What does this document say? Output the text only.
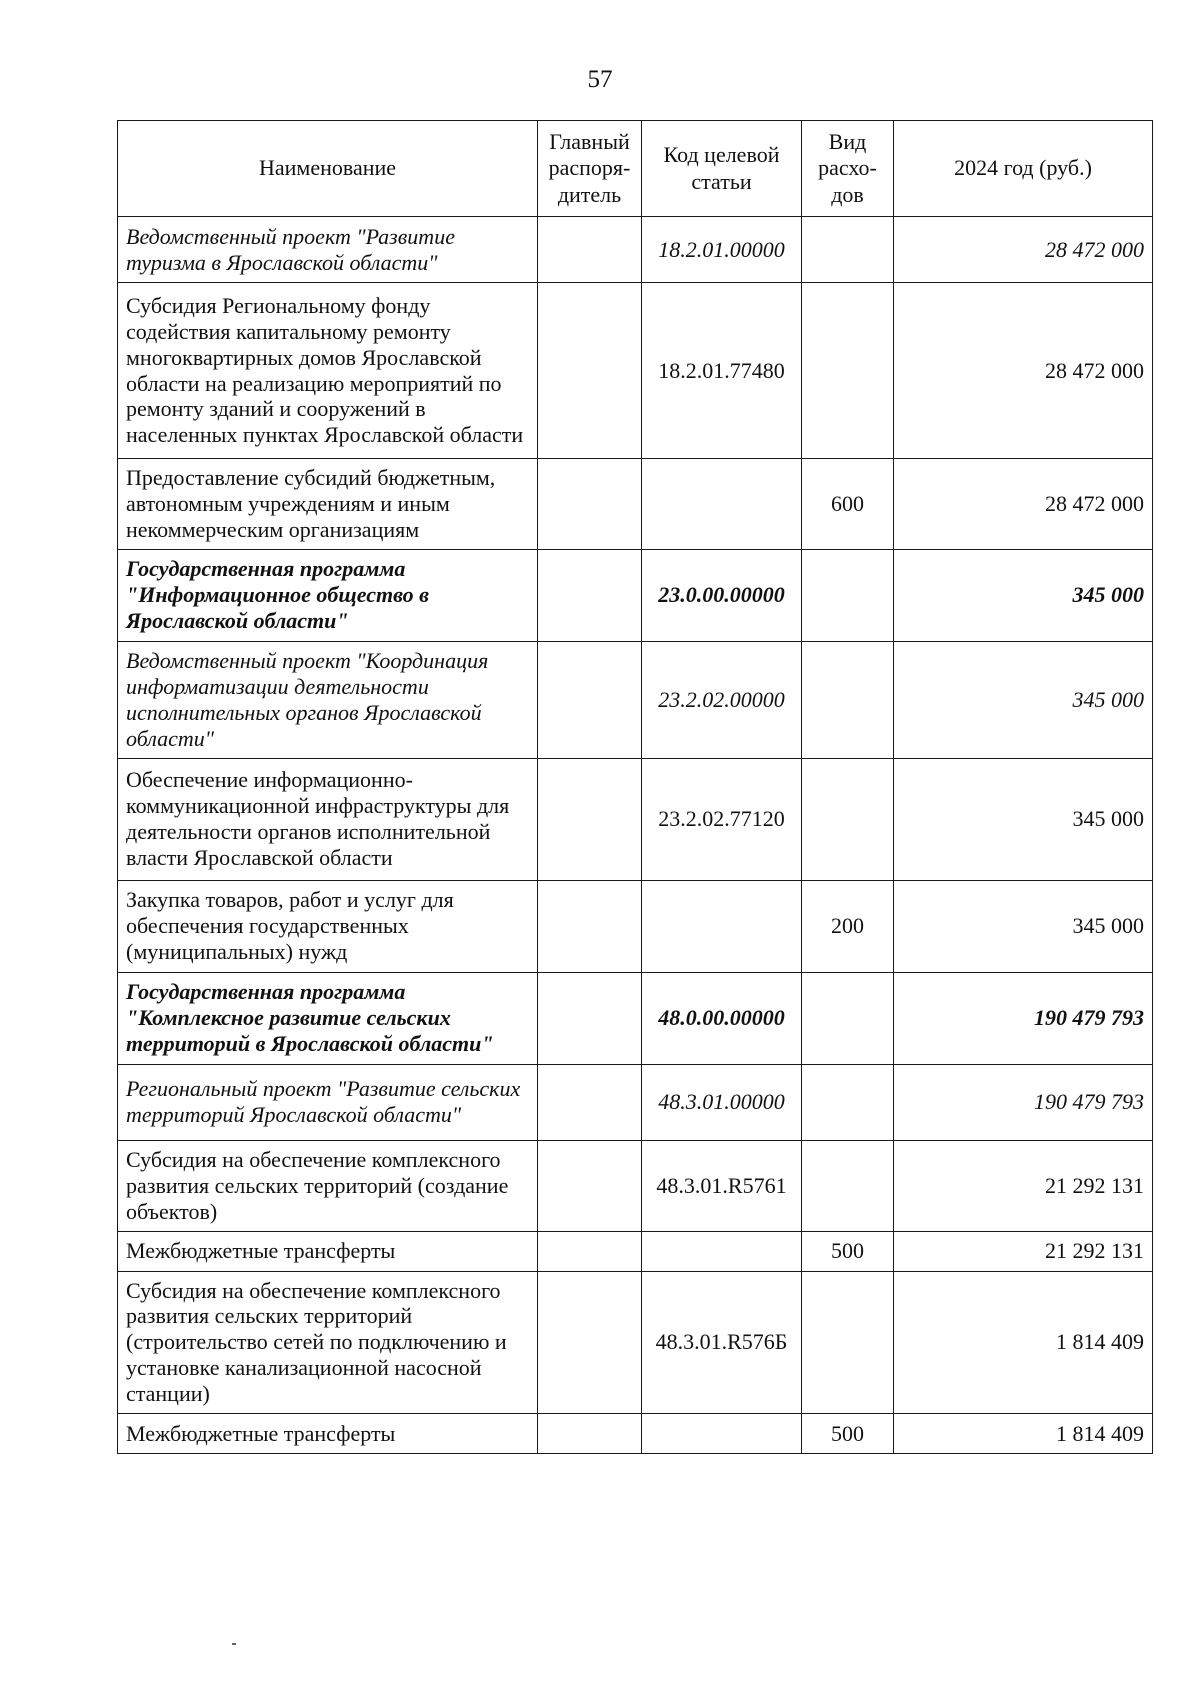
57
Наименование	Главный распоря-дитель	Код целевой статьи	Вид расхо-дов	2024 год (руб.)
Ведомственный проект "Развитие туризма в Ярославской области"		18.2.01.00000		28 472 000
Субсидия Региональному фонду содействия капитальному ремонту многоквартирных домов Ярославской области на реализацию мероприятий по ремонту зданий и сооружений в населенных пунктах Ярославской области		18.2.01.77480		28 472 000
Предоставление субсидий бюджетным, автономным учреждениям и иным некоммерческим организациям			600	28 472 000
Государственная программа "Информационное общество в Ярославской области"		23.0.00.00000		345 000
Ведомственный проект "Координация информатизации деятельности исполнительных органов Ярославской области"		23.2.02.00000		345 000
Обеспечение информационно-коммуникационной инфраструктуры для деятельности органов исполнительной власти Ярославской области		23.2.02.77120		345 000
Закупка товаров, работ и услуг для обеспечения государственных (муниципальных) нужд			200	345 000
Государственная программа "Комплексное развитие сельских территорий в Ярославской области"		48.0.00.00000		190 479 793
Региональный проект "Развитие сельских территорий Ярославской области"		48.3.01.00000		190 479 793
Субсидия на обеспечение комплексного развития сельских территорий (создание объектов)		48.3.01.R5761		21 292 131
Межбюджетные трансферты			500	21 292 131
Субсидия на обеспечение комплексного развития сельских территорий (строительство сетей по подключению и установке канализационной насосной станции)		48.3.01.R576Б		1 814 409
Межбюджетные трансферты			500	1 814 409
